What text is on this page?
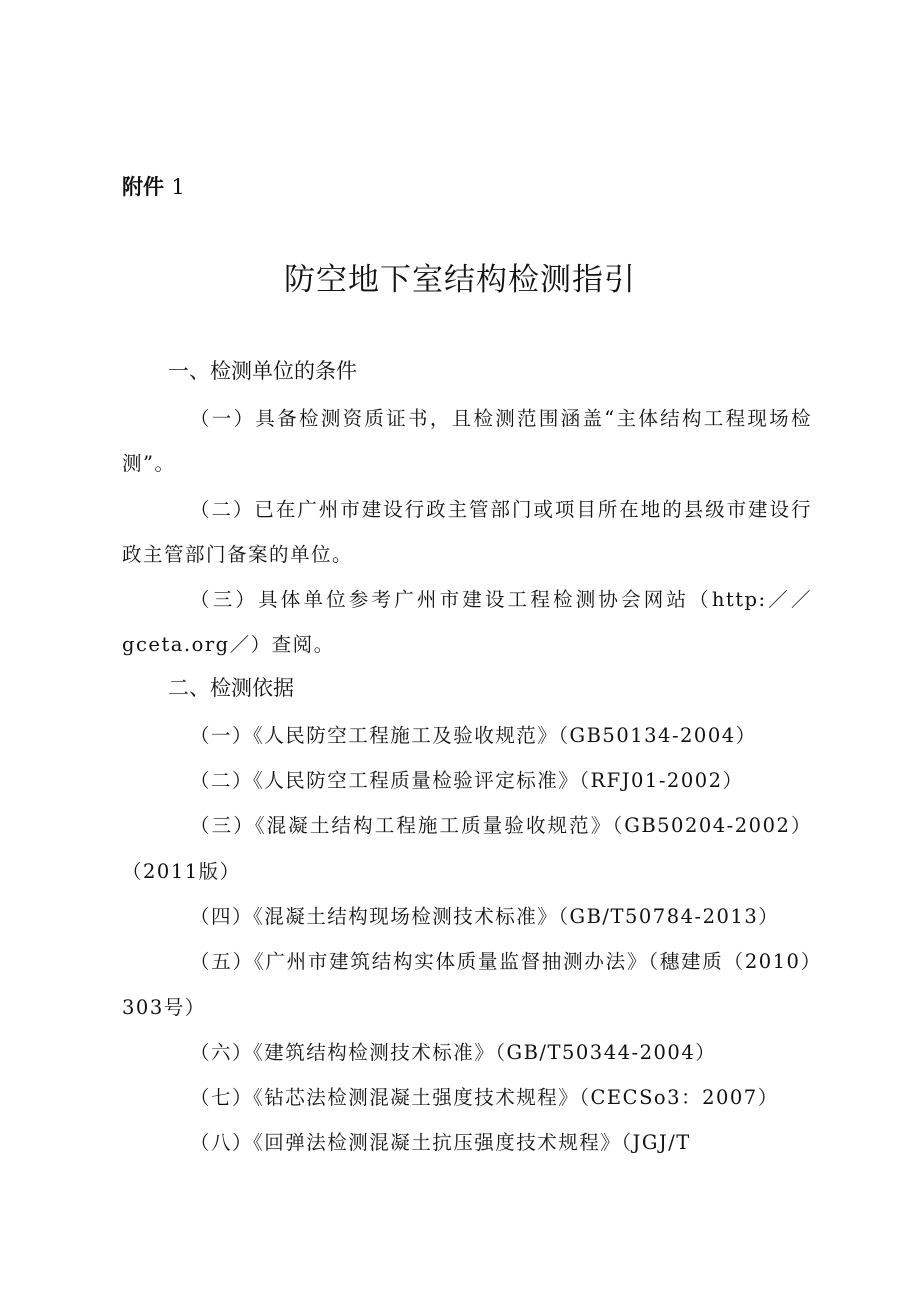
附件 1
防空地下室结构检测指引
一、检测单位的条件
（一）具备检测资质证书，且检测范围涵盖“主体结构工程现场检测”。
（二）已在广州市建设行政主管部门或项目所在地的县级市建设行政主管部门备案的单位。
（三）具体单位参考广州市建设工程检测协会网站（http:／／gceta.org／）查阅。
二、检测依据
（一）《人民防空工程施工及验收规范》（GB50134-2004）
（二）《人民防空工程质量检验评定标准》（RFJ01-2002）
（三）《混凝土结构工程施工质量验收规范》（GB50204-2002）（2011版）
（四）《混凝土结构现场检测技术标准》（GB/T50784-2013）
（五）《广州市建筑结构实体质量监督抽测办法》（穗建质（2010）303号）
（六）《建筑结构检测技术标准》（GB/T50344-2004）
（七）《钻芯法检测混凝土强度技术规程》（CECSo3：2007）
（八）《回弹法检测混凝土抗压强度技术规程》（JGJ/T
